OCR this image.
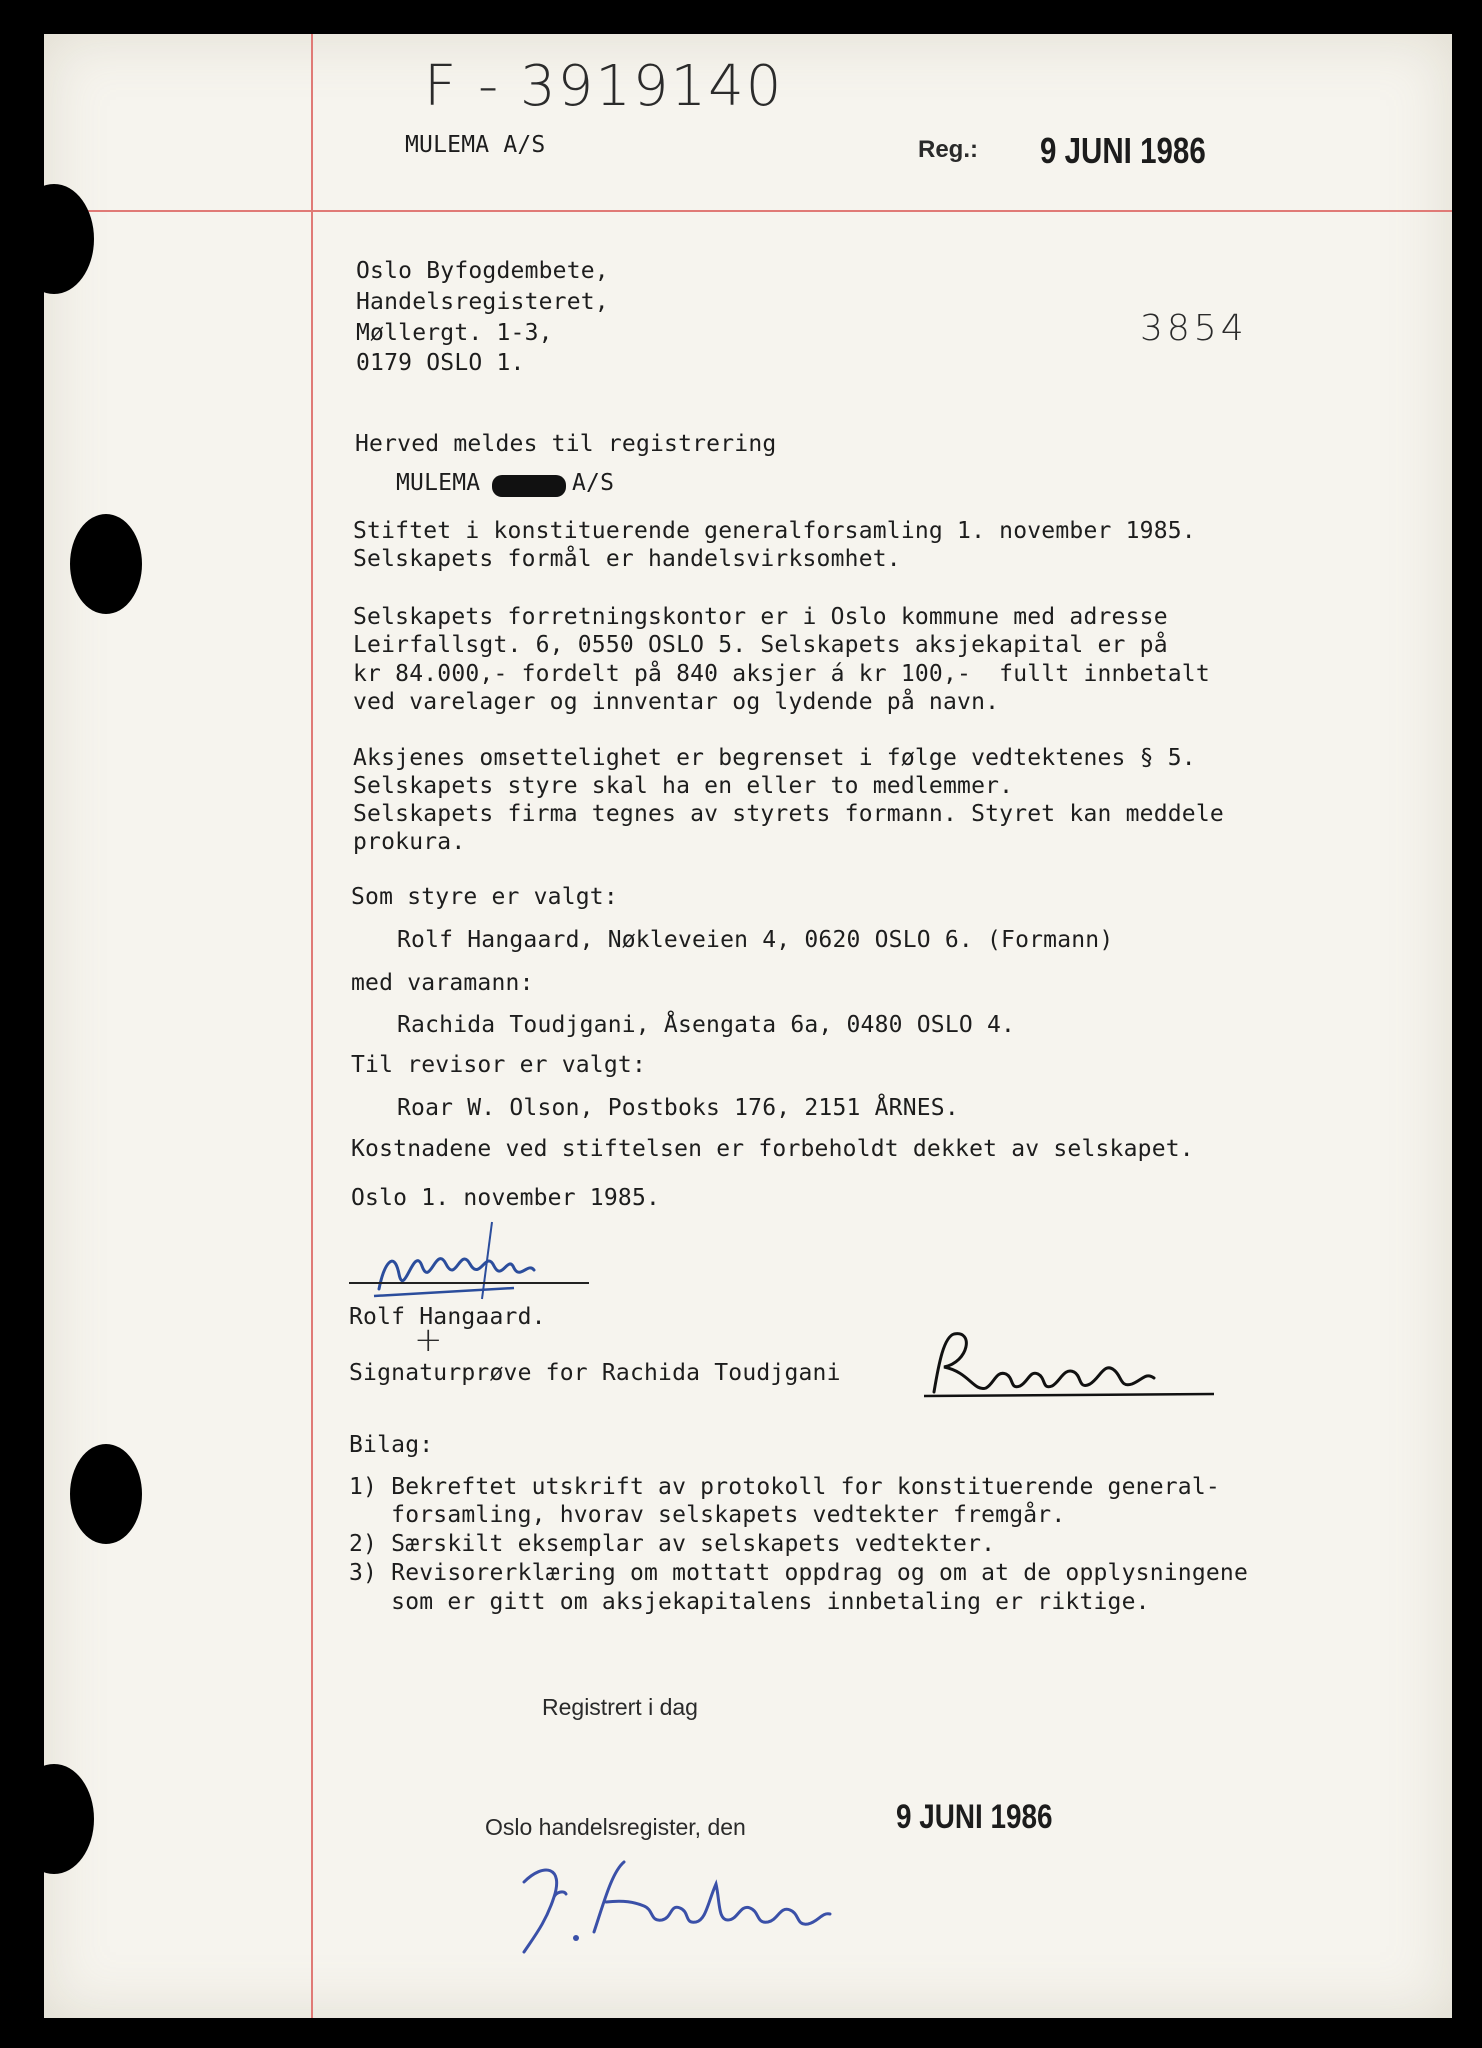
F - 3919140
MULEMA A/S	Reg.: 9 JUNI 1986
Oslo Byfogdembete,
Handelsregisteret,
Møllergt. 1-3,
0179 OSLO 1.
3854
Herved meldes til registrering
MULEMA	A/S
Stiftet i konstituerende generalforsamling 1. november 1985.
Selskapets formål er handelsvirksomhet.
Selskapets forretningskontor er i Oslo kommune med adresse
Leirfallsgt. 6, 0550 OSLO 5. Selskapets aksjekapital er på
kr 84.000,- fordelt på 840 aksjer á kr 100,-  fullt innbetalt
ved varelager og innventar og lydende på navn.
Aksjenes omsettelighet er begrenset i følge vedtektenes § 5.
Selskapets styre skal ha en eller to medlemmer.
Selskapets firma tegnes av styrets formann. Styret kan meddele
prokura.
Som styre er valgt:
Rolf Hangaard, Nøkleveien 4, 0620 OSLO 6. (Formann)
med varamann:
Rachida Toudjgani, Åsengata 6a, 0480 OSLO 4.
Til revisor er valgt:
Roar W. Olson, Postboks 176, 2151 ÅRNES.
Kostnadene ved stiftelsen er forbeholdt dekket av selskapet.
Oslo 1. november 1985.
Rolf Hangaard.
+
Signaturprøve for Rachida Toudjgani
Bilag:
1) Bekreftet utskrift av protokoll for konstituerende general-
forsamling, hvorav selskapets vedtekter fremgår.
2) Særskilt eksemplar av selskapets vedtekter.
3) Revisorerklæring om mottatt oppdrag og om at de opplysningene
som er gitt om aksjekapitalens innbetaling er riktige.
Registrert i dag
Oslo handelsregister, den	9 JUNI 1986
